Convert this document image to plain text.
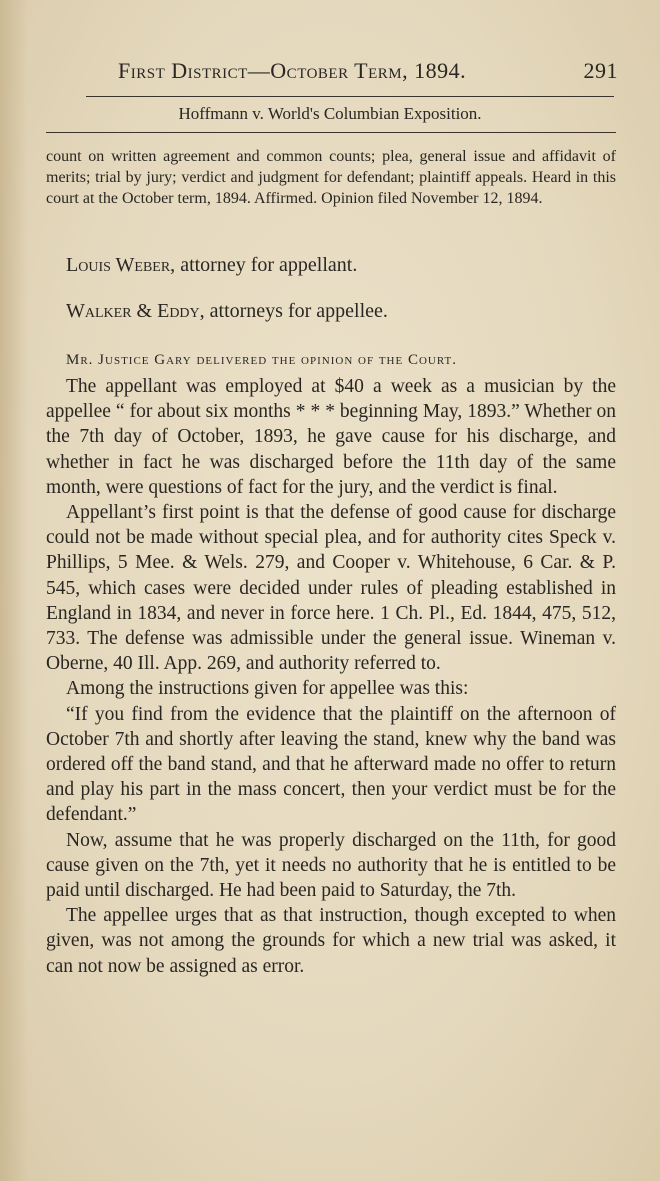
First District—October Term, 1894.	291
Hoffmann v. World's Columbian Exposition.
count on written agreement and common counts; plea, general issue and affidavit of merits; trial by jury; verdict and judgment for defendant; plaintiff appeals. Heard in this court at the October term, 1894. Affirmed. Opinion filed November 12, 1894.
Louis Weber, attorney for appellant.
Walker & Eddy, attorneys for appellee.

Mr. Justice Gary delivered the opinion of the Court.

The appellant was employed at $40 a week as a musician by the appellee “ for about six months * * * beginning May, 1893.” Whether on the 7th day of October, 1893, he gave cause for his discharge, and whether in fact he was discharged before the 11th day of the same month, were questions of fact for the jury, and the verdict is final.

Appellant’s first point is that the defense of good cause for discharge could not be made without special plea, and for authority cites Speck v. Phillips, 5 Mee. & Wels. 279, and Cooper v. Whitehouse, 6 Car. & P. 545, which cases were decided under rules of pleading established in England in 1834, and never in force here. 1 Ch. Pl., Ed. 1844, 475, 512, 733. The defense was admissible under the general issue. Wineman v. Oberne, 40 Ill. App. 269, and authority referred to.

Among the instructions given for appellee was this:

“If you find from the evidence that the plaintiff on the afternoon of October 7th and shortly after leaving the stand, knew why the band was ordered off the band stand, and that he afterward made no offer to return and play his part in the mass concert, then your verdict must be for the defendant.”

Now, assume that he was properly discharged on the 11th, for good cause given on the 7th, yet it needs no authority that he is entitled to be paid until discharged. He had been paid to Saturday, the 7th.

The appellee urges that as that instruction, though excepted to when given, was not among the grounds for which a new trial was asked, it can not now be assigned as error.
